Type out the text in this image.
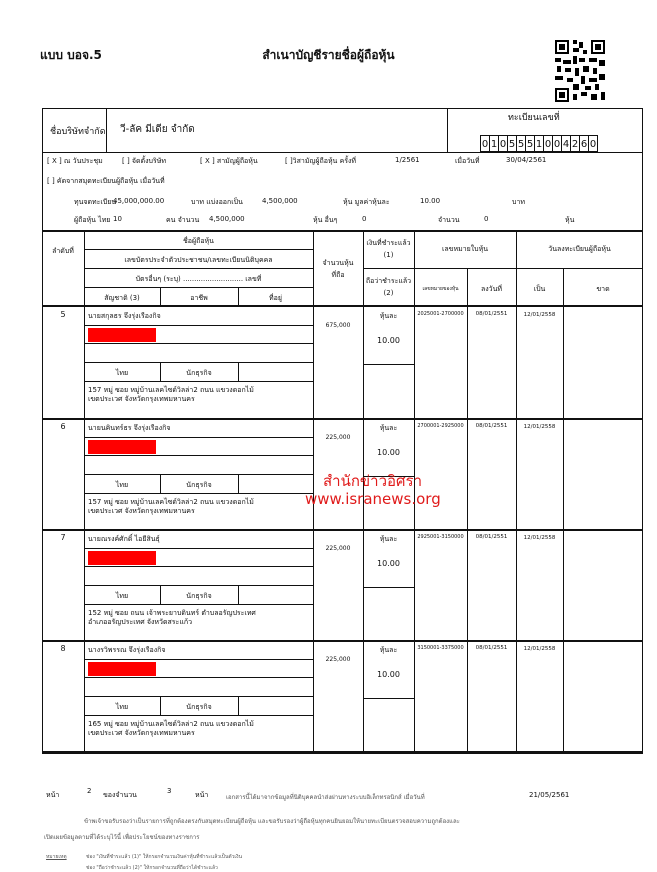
แบบ บอจ.5	สำเนาบัญชีรายชื่อผู้ถือหุ้น
ชื่อบริษัทจำกัด วี-ลัค มีเดีย จำกัด
ทะเบียนเลขที่
0 1 0 5 5 5 1 0 0 4 2 6 0
[ X ] ณ วันประชุม	[ ] จัดตั้งบริษัท	[ X ] สามัญผู้ถือหุ้น	[ ]วิสามัญผู้ถือหุ้น ครั้งที่	1/2561	เมื่อวันที่	30/04/2561
[ ] คัดจากสมุดทะเบียนผู้ถือหุ้น เมื่อวันที่
ทุนจดทะเบียน
45,000,000.00	บาท แบ่งออกเป็น	4,500,000	หุ้น มูลค่าหุ้นละ	10.00	บาท
ผู้ถือหุ้น ไทย 10	คน จำนวน 4,500,000	หุ้น อื่นๆ	0	จำนวน	0	หุ้น
ลำดับที่
ชื่อผู้ถือหุ้น
เลขบัตรประจำตัวประชาชน/เลขทะเบียนนิติบุคคล
บัตรอื่นๆ (ระบุ) ........................... เลขที่
สัญชาติ (3)	อาชีพ	ที่อยู่
จำนวนหุ้น
ที่ถือ
เงินที่ชำระแล้ว
(1)
ถือว่าชำระแล้ว
(2)
เลขหมายใบหุ้น
เลขหมายของหุ้น	ลงวันที่
วันลงทะเบียนผู้ถือหุ้น
เป็น	ขาด
5	นายสกุลธร จึงรุ่งเรืองกิจ
ไทย	นักธุรกิจ
157 หมู่ ซอย หมู่บ้านเลคไซด์วิลล่า2 ถนน แขวงดอกไม้
เขตประเวศ จังหวัดกรุงเทพมหานคร
675,000
หุ้นละ
10.00
2025001-2700000	08/01/2551	12/01/2558
6	นายนคินทร์ธร จึงรุ่งเรืองกิจ
ไทย	นักธุรกิจ
157 หมู่ ซอย หมู่บ้านเลคไซด์วิลล่า2 ถนน แขวงดอกไม้
เขตประเวศ จังหวัดกรุงเทพมหานคร
225,000
หุ้นละ
10.00
2700001-2925000	08/01/2551	12/01/2558
7	นายณรงค์ศักดิ์ ไอยีสินธุ์
ไทย	นักธุรกิจ
152 หมู่ ซอย ถนน เจ้าพระยาบดินทร์ ตำบลอรัญประเทศ
อำเภออรัญประเทศ จังหวัดสระแก้ว
225,000
หุ้นละ
10.00
2925001-3150000	08/01/2551	12/01/2558
8	นางรวิพรรณ จึงรุ่งเรืองกิจ
ไทย	นักธุรกิจ
165 หมู่ ซอย หมู่บ้านเลคไซด์วิลล่า2 ถนน แขวงดอกไม้
เขตประเวศ จังหวัดกรุงเทพมหานคร
225,000
หุ้นละ
10.00
3150001-3375000	08/01/2551	12/01/2558
สำนักข่าวอิศรา
www.isranews.org
หน้า	2 ของจำนวน	3	หน้า	เอกสารนี้ได้มาจากข้อมูลที่นิติบุคคลนำส่งผ่านทางระบบอิเล็กทรอนิกส์ เมื่อวันที่	21/05/2561
ข้าพเจ้าขอรับรองว่าเป็นรายการที่ถูกต้องตรงกับสมุดทะเบียนผู้ถือหุ้น และขอรับรองว่าผู้ถือหุ้นทุกคนยินยอมให้นายทะเบียนตรวจสอบความถูกต้องและ
เปิดเผยข้อมูลตามที่ได้ระบุไว้นี้ เพื่อประโยชน์ของทางราชการ
หมายเหตุ	ช่อง "เงินที่ชำระแล้ว (1)" ให้กรอกจำนวนเงินค่าหุ้นที่ชำระแล้วเป็นตัวเงิน
ช่อง "ถือว่าชำระแล้ว (2)" ให้กรอกจำนวนที่ถือว่าได้ชำระแล้ว
